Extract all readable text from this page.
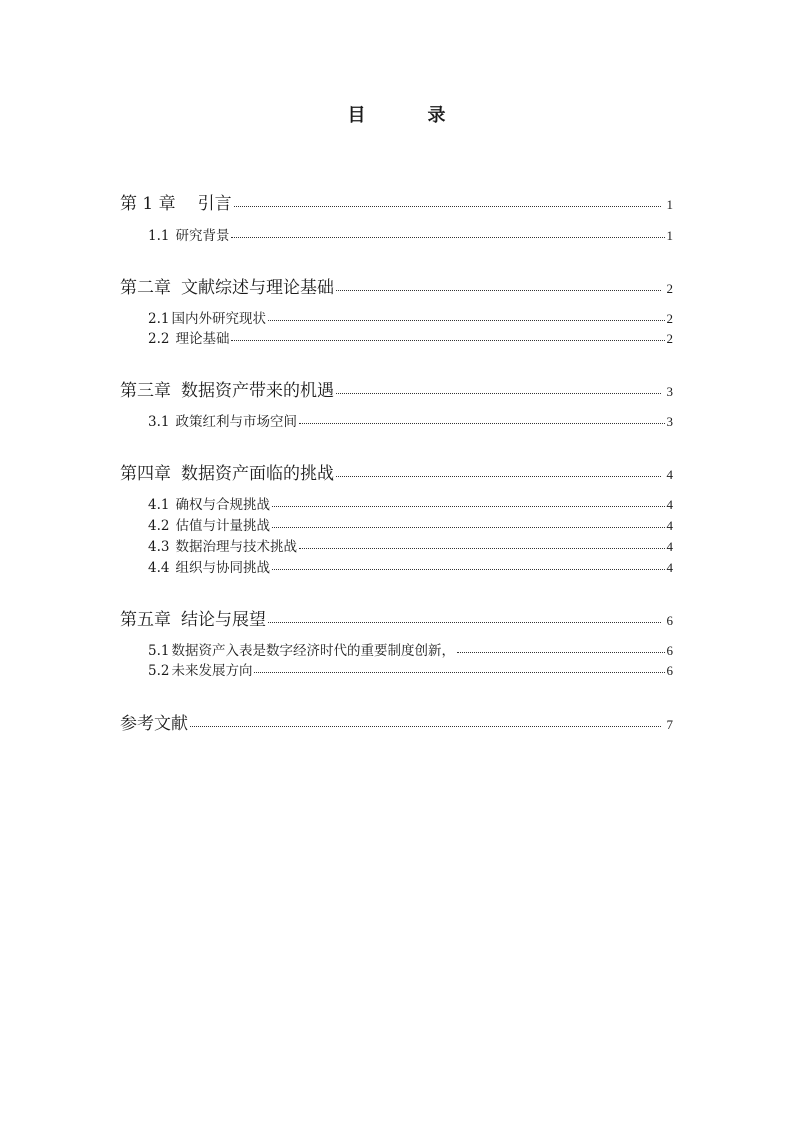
目　录
第 1 章 引言	1
1.1 研究背景	1
第二章 文献综述与理论基础	2
2.1 国内外研究现状	2
2.2 理论基础	2
第三章 数据资产带来的机遇	3
3.1 政策红利与市场空间	3
第四章 数据资产面临的挑战	4
4.1 确权与合规挑战	4
4.2 估值与计量挑战	4
4.3 数据治理与技术挑战	4
4.4 组织与协同挑战	4
第五章 结论与展望	6
5.1 数据资产入表是数字经济时代的重要制度创新，	6
5.2 未来发展方向	6
参考文献	7
